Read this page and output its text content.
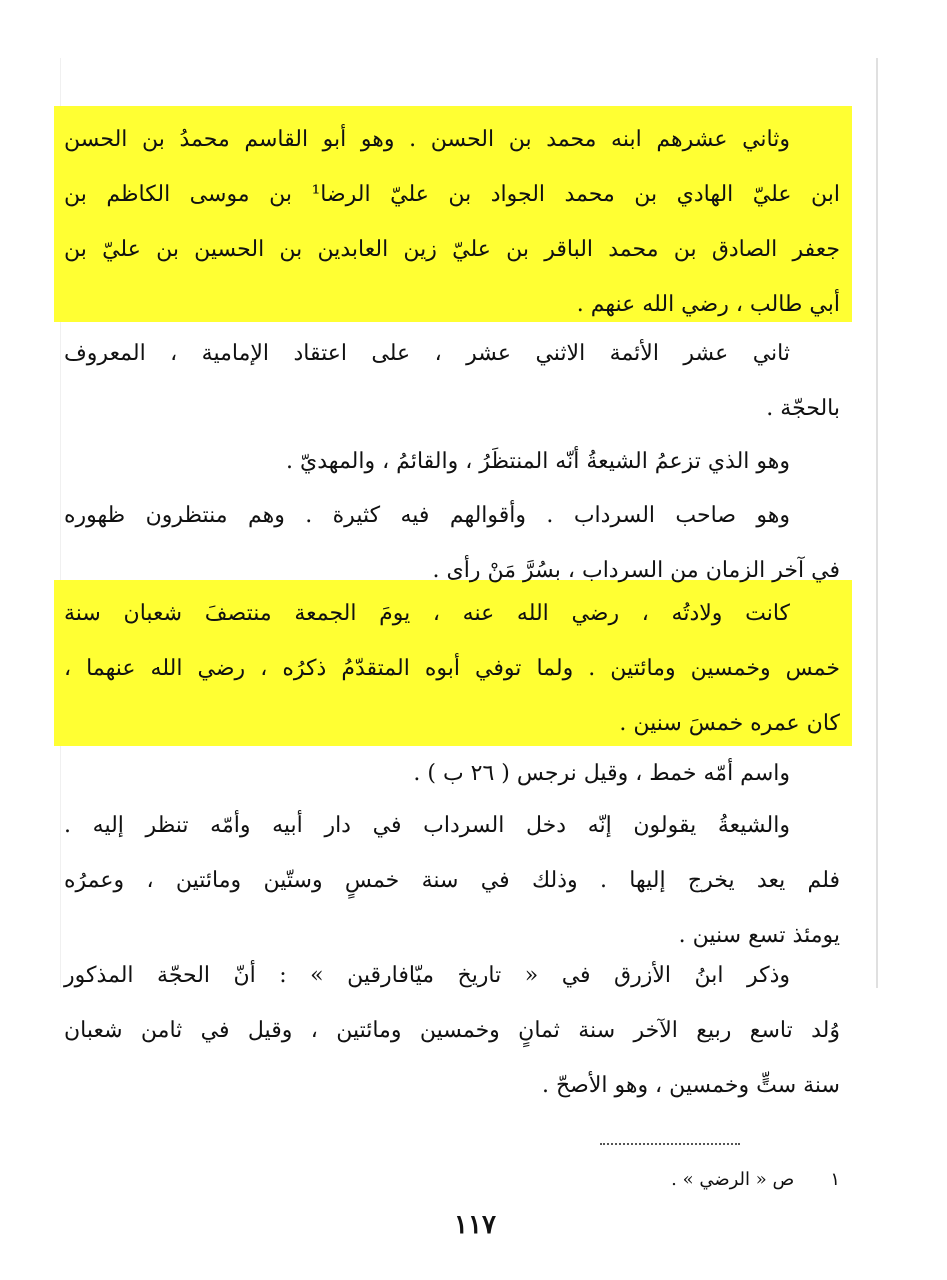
وثاني عشرهم ابنه محمد بن الحسن . وهو أبو القاسم محمدُ بن الحسن
ابن عليّ الهادي بن محمد الجواد بن عليّ الرضا¹ بن موسى الكاظم بن
جعفر الصادق بن محمد الباقر بن عليّ زين العابدين بن الحسين بن عليّ بن
أبي طالب ، رضي الله عنهم .
ثاني عشر الأئمة الاثني عشر ، على اعتقاد الإمامية ، المعروف
بالحجّة .
وهو الذي تزعمُ الشيعةُ أنّه المنتظَرُ ، والقائمُ ، والمهديّ .
وهو صاحب السرداب . وأقوالهم فيه كثيرة . وهم منتظرون ظهوره
في آخر الزمان من السرداب ، بسُرَّ مَنْ رأى .
كانت ولادتُه ، رضي الله عنه ، يومَ الجمعة منتصفَ شعبان سنة
خمس وخمسين ومائتين . ولما توفي أبوه المتقدّمُ ذكرُه ، رضي الله عنهما ،
كان عمره خمسَ سنين .
واسم أمّه خمط ، وقيل نرجس ( ٢٦ ب ) .
والشيعةُ يقولون إنّه دخل السرداب في دار أبيه وأمّه تنظر إليه .
فلم يعد يخرج إليها . وذلك في سنة خمسٍ وستّين ومائتين ، وعمرُه
يومئذ تسع سنين .
وذكر ابنُ الأزرق في « تاريخ ميّافارقين » : أنّ الحجّة المذكور
وُلد تاسع ربيع الآخر سنة ثمانٍ وخمسين ومائتين ، وقيل في ثامن شعبان
سنة ستٍّ وخمسين ، وهو الأصحّ .
١ ص « الرضي » .
١١٧
